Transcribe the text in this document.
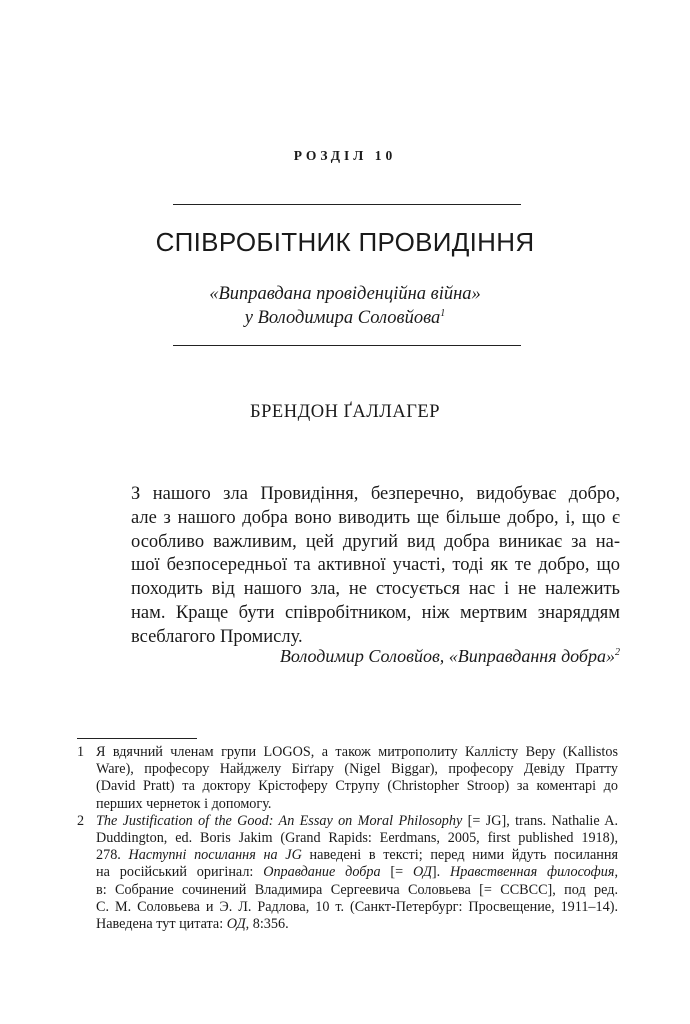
РОЗДІЛ 10
СПІВРОБІТНИК ПРОВИДІННЯ
«Виправдана провіденційна війна»
у Володимира Соловйова$^1$
БРЕНДОН ҐАЛЛАГЕР
З нашого зла Провидіння, безперечно, видобуває добро,
але з нашого добра воно виводить ще більше добро, і, що є
особливо важливим, цей другий вид добра виникає за на-
шої безпосередньої та активної участі, тоді як те добро, що
походить від нашого зла, не стосується нас і не належить
нам. Краще бути співробітником, ніж мертвим знаряддям
всеблагого Промислу.
Володимир Соловйов, «Виправдання добра»$^2$
1 Я вдячний членам групи LOGOS, а також митрополиту Каллісту Веру (Kallistos
Ware), професору Найджелу Біґґару (Nigel Biggar), професору Девіду Пратту
(David Pratt) та доктору Крістоферу Струпу (Christopher Stroop) за коментарі до
перших чернеток і допомогу.
2 The Justification of the Good: An Essay on Moral Philosophy [= JG], trans. Nathalie A.
Duddington, ed. Boris Jakim (Grand Rapids: Eerdmans, 2005, first published 1918),
278. Наступні посилання на JG наведені в тексті; перед ними йдуть посилання
на російський оригінал: Оправдание добра [= ОД]. Нравственная философия,
в: Собрание сочинений Владимира Сергеевича Соловьева [= ССВСС], под ред.
С. М. Соловьева и Э. Л. Радлова, 10 т. (Санкт-Петербург: Просвещение, 1911–14).
Наведена тут цитата: ОД, 8:356.
